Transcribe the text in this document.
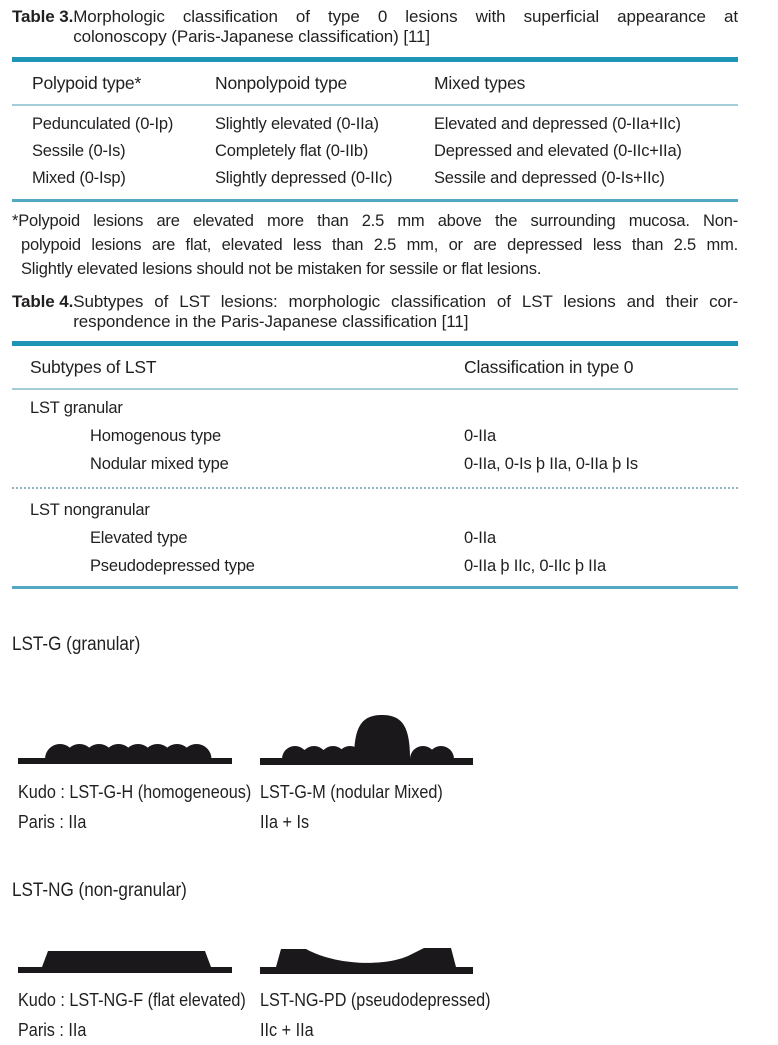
Table 3. Morphologic classification of type 0 lesions with superficial appearance at
colonoscopy (Paris-Japanese classification) [11]
Polypoid type*	Nonpolypoid type	Mixed types
Pedunculated (0-Ip)	Slightly elevated (0-IIa)	Elevated and depressed (0-IIa+IIc)
Sessile (0-Is)	Completely flat (0-IIb)	Depressed and elevated (0-IIc+IIa)
Mixed (0-Isp)	Slightly depressed (0-IIc)	Sessile and depressed (0-Is+IIc)
*Polypoid lesions are elevated more than 2.5 mm above the surrounding mucosa. Non-
polypoid lesions are flat, elevated less than 2.5 mm, or are depressed less than 2.5 mm.
Slightly elevated lesions should not be mistaken for sessile or flat lesions.
Table 4. Subtypes of LST lesions: morphologic classification of LST lesions and their cor-
respondence in the Paris-Japanese classification [11]
Subtypes of LST	Classification in type 0
LST granular
Homogenous type	0-IIa
Nodular mixed type	0-IIa, 0-Is þ IIa, 0-IIa þ Is
LST nongranular
Elevated type	0-IIa
Pseudodepressed type	0-IIa þ IIc, 0-IIc þ IIa
LST-G (granular)
Kudo : LST-G-H (homogeneous)
Paris : IIa
LST-G-M (nodular Mixed)
IIa + Is
LST-NG (non-granular)
Kudo : LST-NG-F (flat elevated)
Paris : IIa
LST-NG-PD (pseudodepressed)
IIc + IIa
